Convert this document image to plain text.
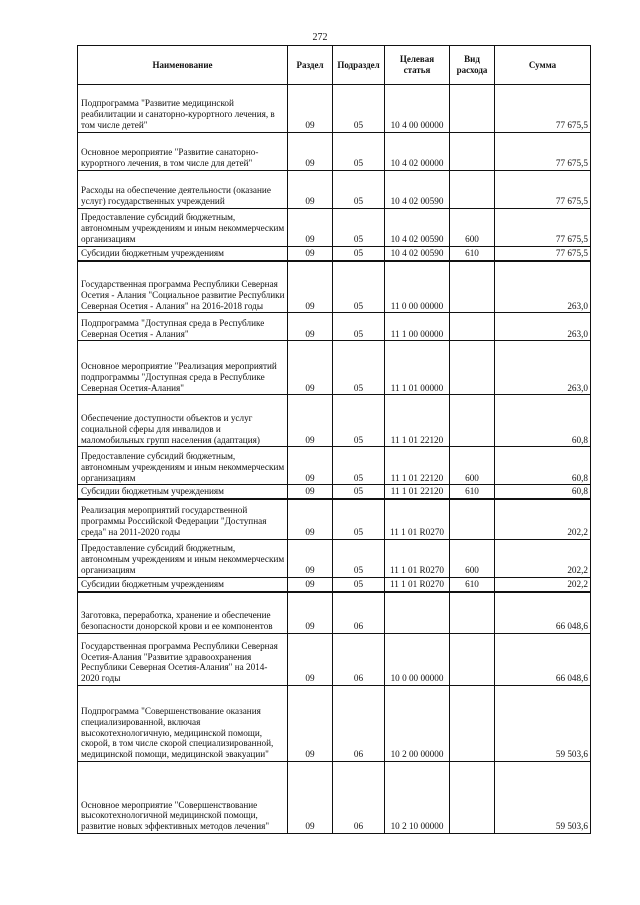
272
Наименование	Раздел	Подраздел	Целевая статья	Вид расхода	Сумма
Подпрограмма "Развитие медицинской реабилитации и санаторно-курортного лечения, в том числе детей"	09	05	10 4 00 00000		77 675,5
Основное мероприятие "Развитие санаторно-курортного лечения, в том числе для детей"	09	05	10 4 02 00000		77 675,5
Расходы на обеспечение деятельности (оказание услуг) государственных учреждений	09	05	10 4 02 00590		77 675,5
Предоставление субсидий бюджетным, автономным учреждениям и иным некоммерческим организациям	09	05	10 4 02 00590	600	77 675,5
Субсидии бюджетным учреждениям	09	05	10 4 02 00590	610	77 675,5
Государственная программа Республики Северная Осетия - Алания "Социальное развитие Республики Северная Осетия - Алания" на 2016-2018 годы	09	05	11 0 00 00000		263,0
Подпрограмма "Доступная среда в Республике Северная Осетия - Алания"	09	05	11 1 00 00000		263,0
Основное мероприятие "Реализация мероприятий подпрограммы "Доступная среда в Республике Северная Осетия-Алания"	09	05	11 1 01 00000		263,0
Обеспечение доступности объектов и услуг социальной сферы для инвалидов и маломобильных групп населения (адаптация)	09	05	11 1 01 22120		60,8
Предоставление субсидий бюджетным, автономным учреждениям и иным некоммерческим организациям	09	05	11 1 01 22120	600	60,8
Субсидии бюджетным учреждениям	09	05	11 1 01 22120	610	60,8
Реализация мероприятий государственной программы Российской Федерации "Доступная среда" на 2011-2020 годы	09	05	11 1 01 R0270		202,2
Предоставление субсидий бюджетным, автономным учреждениям и иным некоммерческим организациям	09	05	11 1 01 R0270	600	202,2
Субсидии бюджетным учреждениям	09	05	11 1 01 R0270	610	202,2
Заготовка, переработка, хранение и обеспечение безопасности донорской крови и ее компонентов	09	06			66 048,6
Государственная программа Республики Северная Осетия-Алания "Развитие здравоохранения Республики Северная Осетия-Алания" на 2014-2020 годы	09	06	10 0 00 00000		66 048,6
Подпрограмма "Совершенствование оказания специализированной, включая высокотехнологичную, медицинской помощи, скорой, в том числе скорой специализированной, медицинской помощи, медицинской эвакуации"	09	06	10 2 00 00000		59 503,6
Основное мероприятие "Совершенствование высокотехнологичной медицинской помощи, развитие новых эффективных методов лечения"	09	06	10 2 10 00000		59 503,6
